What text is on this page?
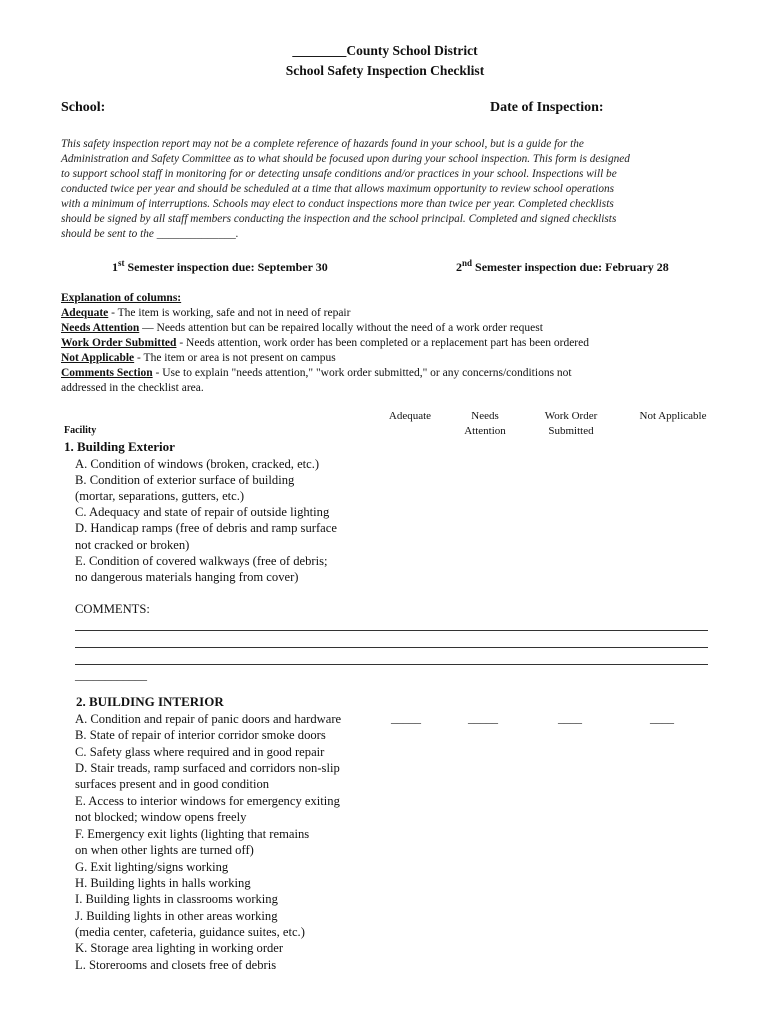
________County School District
School Safety Inspection Checklist
School:	Date of Inspection:

This safety inspection report may not be a complete reference of hazards found in your school, but is a guide for the

Administration and Safety Committee as to what should be focused upon during your school inspection. This form is designed

to support school staff in monitoring for or detecting unsafe conditions and/or practices in your school. Inspections will be

conducted twice per year and should be scheduled at a time that allows maximum opportunity to review school operations

with a minimum of interruptions. Schools may elect to conduct inspections more than twice per year. Completed checklists

should be signed by all staff members conducting the inspection and the school principal. Completed and signed checklists

should be sent to the ______________.

1st Semester inspection due: September 30	2nd Semester inspection due: February 28
Explanation of columns:
Adequate - The item is working, safe and not in need of repair
Needs Attention — Needs attention but can be repaired locally without the need of a work order request
Work Order Submitted - Needs attention, work order has been completed or a replacement part has been ordered
Not Applicable - The item or area is not present on campus
Comments Section - Use to explain "needs attention," "work order submitted," or any concerns/conditions not
addressed in the checklist area.
Adequate	Needs
Attention
Work Order
Submitted
Not Applicable
Facility
1. Building Exterior
A. Condition of windows (broken, cracked, etc.)
B. Condition of exterior surface of building
(mortar, separations, gutters, etc.)
C. Adequacy and state of repair of outside lighting
D. Handicap ramps (free of debris and ramp surface
not cracked or broken)
E. Condition of covered walkways (free of debris;
no dangerous materials hanging from cover)
COMMENTS:
____________
2. BUILDING INTERIOR
_____	_____	____	____
A. Condition and repair of panic doors and hardware
B. State of repair of interior corridor smoke doors
C. Safety glass where required and in good repair
D. Stair treads, ramp surfaced and corridors non-slip
surfaces present and in good condition
E. Access to interior windows for emergency exiting
not blocked; window opens freely
F. Emergency exit lights (lighting that remains
on when other lights are turned off)
G. Exit lighting/signs working
H. Building lights in halls working
I. Building lights in classrooms working
J. Building lights in other areas working
(media center, cafeteria, guidance suites, etc.)
K. Storage area lighting in working order
L. Storerooms and closets free of debris
